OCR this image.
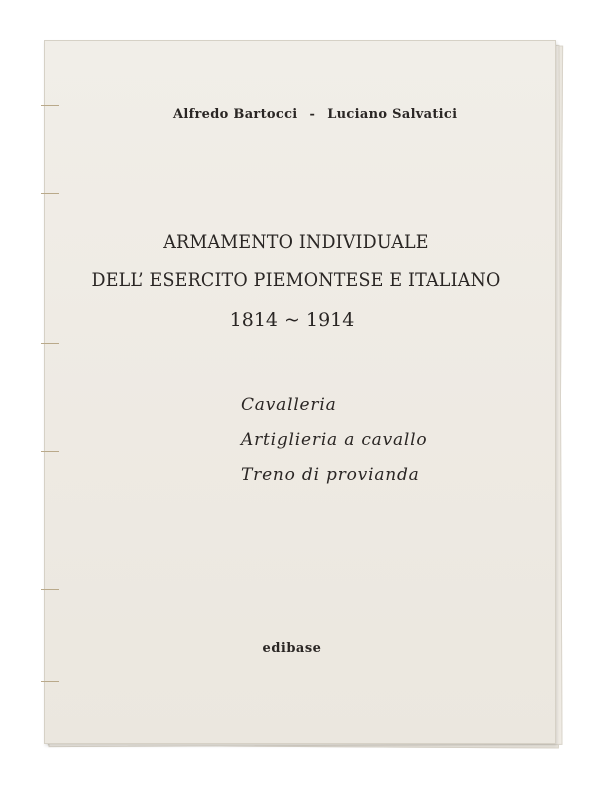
Alfredo Bartocci - Luciano Salvatici
ARMAMENTO INDIVIDUALE
DELL’ ESERCITO PIEMONTESE E ITALIANO
1814 ~ 1914
Cavalleria
Artiglieria a cavallo
Treno di provianda
edibase
